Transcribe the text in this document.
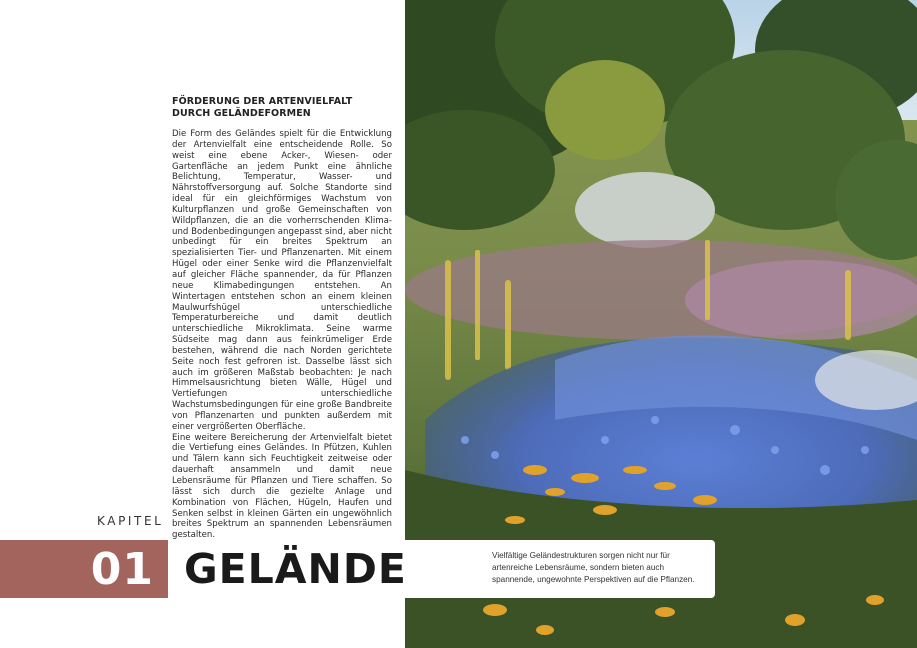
FÖRDERUNG DER ARTENVIELFALT
DURCH GELÄNDEFORMEN

Die Form des Geländes spielt für die Entwicklung der Artenvielfalt eine entscheidende Rolle. So weist eine ebene Acker-, Wiesen- oder Gartenfläche an jedem Punkt eine ähnliche Belichtung, Temperatur, Wasser- und Nährstoffversorgung auf. Solche Standorte sind ideal für ein gleichförmiges Wachstum von Kulturpflanzen und große Gemeinschaften von Wildpflanzen, die an die vorherrschenden Klima- und Bodenbedingungen angepasst sind, aber nicht unbedingt für ein breites Spektrum an spezialisierten Tier- und Pflanzenarten. Mit einem Hügel oder einer Senke wird die Pflanzenvielfalt auf gleicher Fläche spannender, da für Pflanzen neue Klimabedingungen entstehen. An Wintertagen entstehen schon an einem kleinen Maulwurfshügel unterschiedliche Temperaturbereiche und damit deutlich unterschiedliche Mikroklimata. Seine warme Südseite mag dann aus feinkrümeliger Erde bestehen, während die nach Norden gerichtete Seite noch fest gefroren ist. Dasselbe lässt sich auch im größeren Maßstab beobachten: Je nach Himmelsausrichtung bieten Wälle, Hügel und Vertiefungen unterschiedliche Wachstumsbedingungen für eine große Bandbreite von Pflanzenarten und punkten außerdem mit einer vergrößerten Oberfläche.

Eine weitere Bereicherung der Artenvielfalt bietet die Vertiefung eines Geländes. In Pfützen, Kuhlen und Tälern kann sich Feuchtigkeit zeitweise oder dauerhaft ansammeln und damit neue Lebensräume für Pflanzen und Tiere schaffen. So lässt sich durch die gezielte Anlage und Kombination von Flächen, Hügeln, Haufen und Senken selbst in kleinen Gärten ein ungewöhnlich breites Spektrum an spannenden Lebensräumen gestalten.

KAPITEL
01 GELÄNDE	Vielfältige Geländestrukturen sorgen nicht nur für artenreiche Lebensräume, sondern bieten auch spannende, ungewohnte Perspektiven auf die Pflanzen.
